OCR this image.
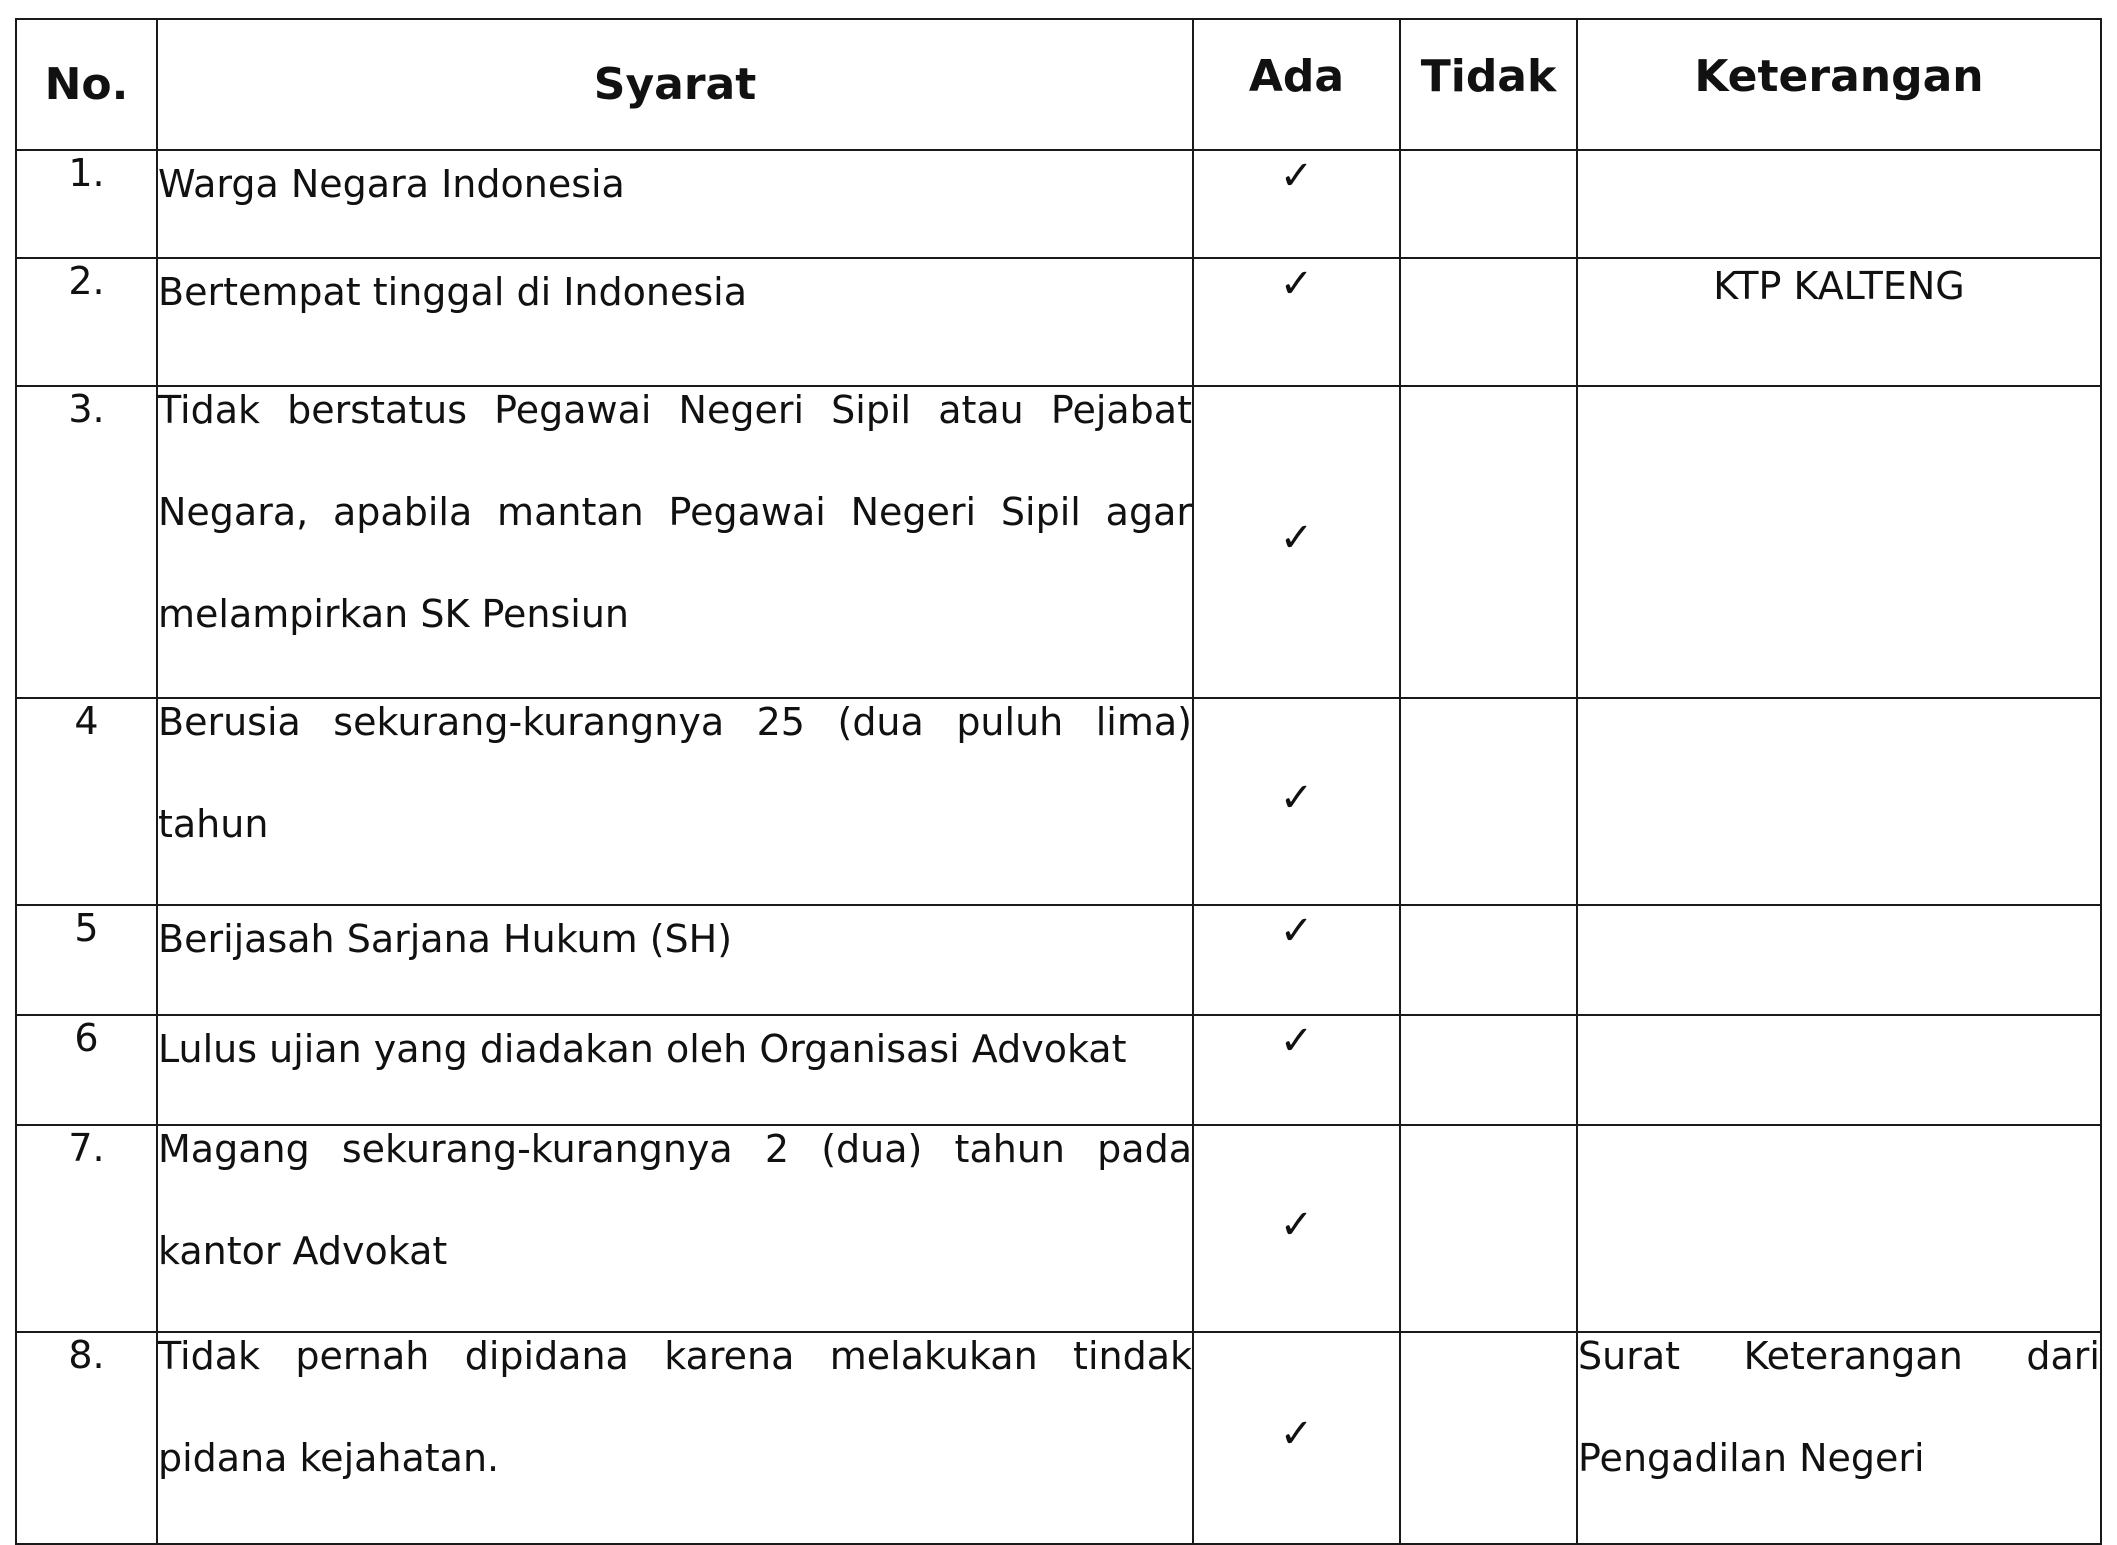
No.	Syarat	Ada	Tidak	Keterangan
1.	Warga Negara Indonesia	✓		

2.	Bertempat tinggal di Indonesia	✓		KTP KALTENG

3.	Tidak berstatus Pegawai Negeri Sipil atau Pejabat Negara, apabila mantan Pegawai Negeri Sipil agar melampirkan SK Pensiun	✓		

4	Berusia sekurang-kurangnya 25 (dua puluh lima) tahun	✓		

5	Berijasah Sarjana Hukum (SH)	✓		

6	Lulus ujian yang diadakan oleh Organisasi Advokat	✓		

7.	Magang sekurang-kurangnya 2 (dua) tahun pada kantor Advokat	✓		

8.	Tidak pernah dipidana karena melakukan tindak pidana kejahatan.	✓		Surat Keterangan dari Pengadilan Negeri
